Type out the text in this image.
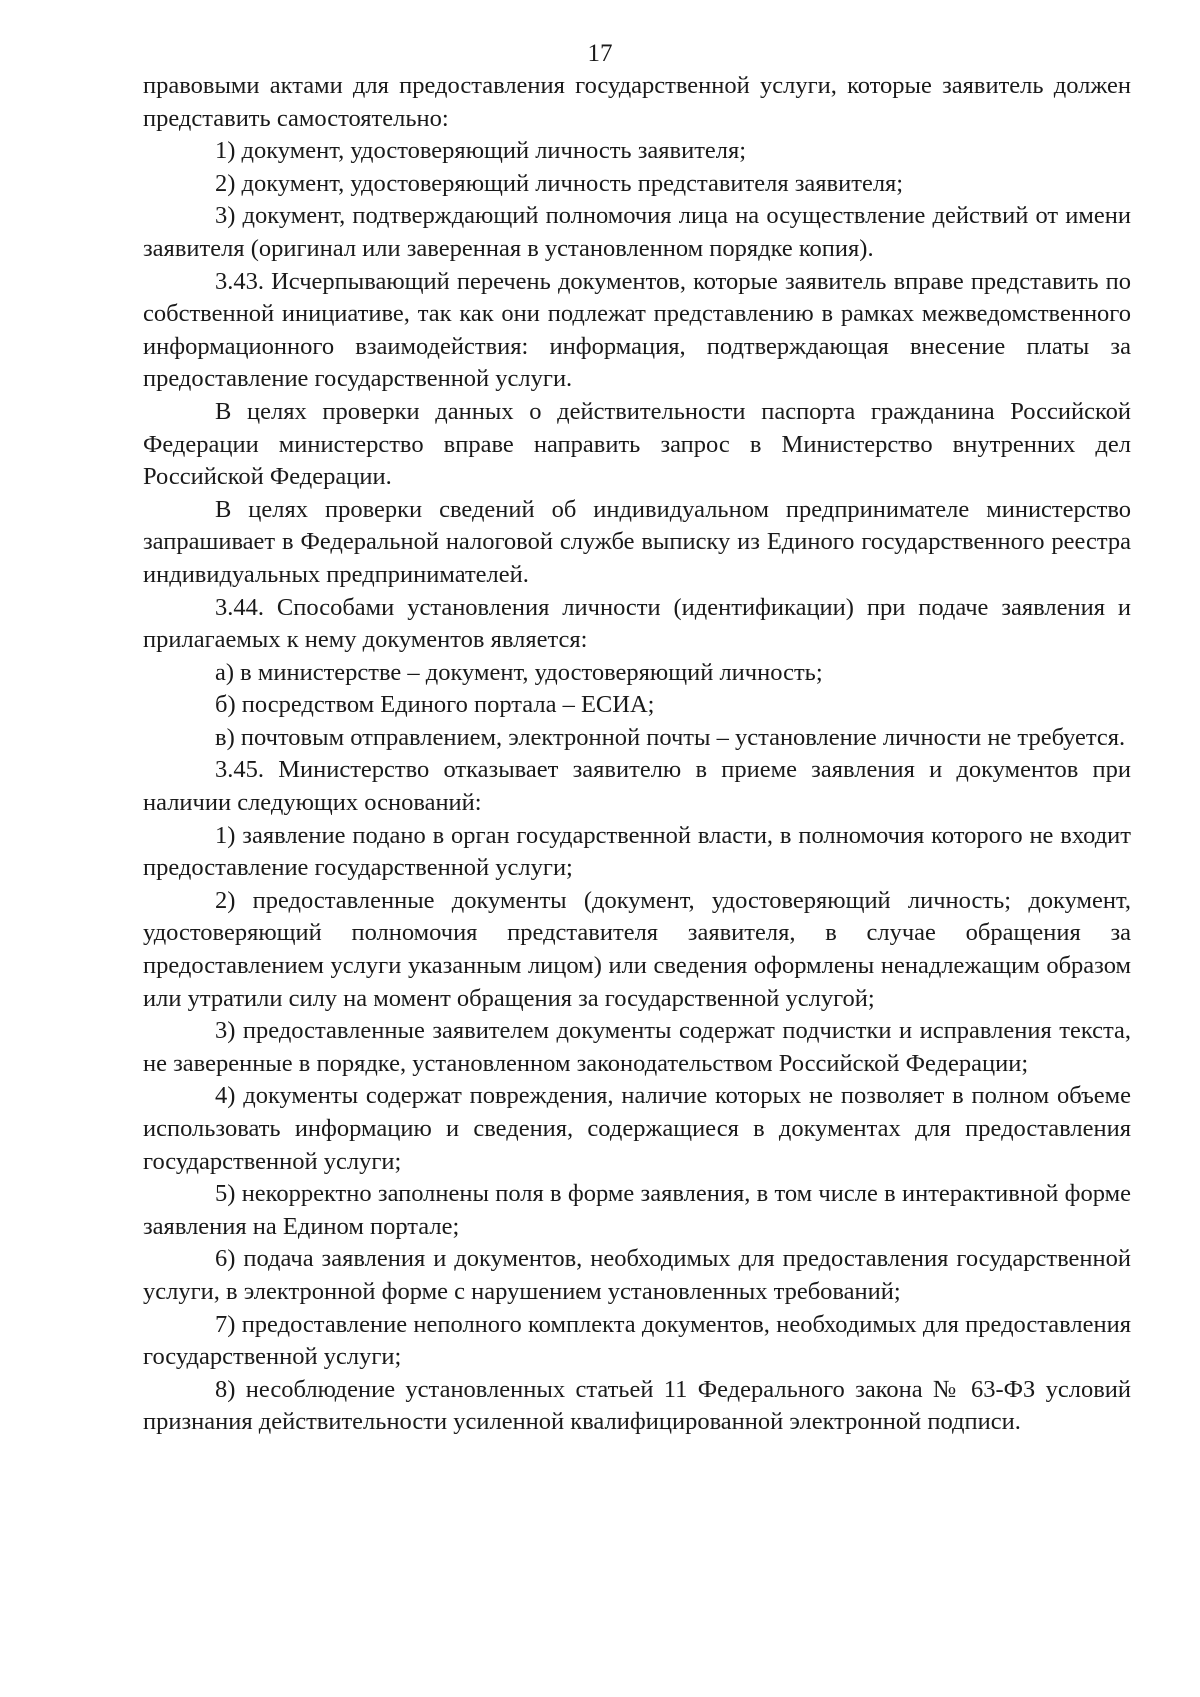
17

правовыми актами для предоставления государственной услуги, которые заявитель должен представить самостоятельно:

1) документ, удостоверяющий личность заявителя;

2) документ, удостоверяющий личность представителя заявителя;

3) документ, подтверждающий полномочия лица на осуществление действий от имени заявителя (оригинал или заверенная в установленном порядке копия).

3.43. Исчерпывающий перечень документов, которые заявитель вправе представить по собственной инициативе, так как они подлежат представлению в рамках межведомственного информационного взаимодействия: информация, подтверждающая внесение платы за предоставление государственной услуги.

В целях проверки данных о действительности паспорта гражданина Российской Федерации министерство вправе направить запрос в Министерство внутренних дел Российской Федерации.

В целях проверки сведений об индивидуальном предпринимателе министерство запрашивает в Федеральной налоговой службе выписку из Единого государственного реестра индивидуальных предпринимателей.

3.44. Способами установления личности (идентификации) при подаче заявления и прилагаемых к нему документов является:

а) в министерстве – документ, удостоверяющий личность;

б) посредством Единого портала – ЕСИА;

в) почтовым отправлением, электронной почты – установление личности не требуется.

3.45. Министерство отказывает заявителю в приеме заявления и документов при наличии следующих оснований:

1) заявление подано в орган государственной власти, в полномочия которого не входит предоставление государственной услуги;

2) предоставленные документы (документ, удостоверяющий личность; документ, удостоверяющий полномочия представителя заявителя, в случае обращения за предоставлением услуги указанным лицом) или сведения оформлены ненадлежащим образом или утратили силу на момент обращения за государственной услугой;

3) предоставленные заявителем документы содержат подчистки и исправления текста, не заверенные в порядке, установленном законодательством Российской Федерации;

4) документы содержат повреждения, наличие которых не позволяет в полном объеме использовать информацию и сведения, содержащиеся в документах для предоставления государственной услуги;

5) некорректно заполнены поля в форме заявления, в том числе в интерактивной форме заявления на Едином портале;

6) подача заявления и документов, необходимых для предоставления государственной услуги, в электронной форме с нарушением установленных требований;

7) предоставление неполного комплекта документов, необходимых для предоставления государственной услуги;

8) несоблюдение установленных статьей 11 Федерального закона № 63-ФЗ условий признания действительности усиленной квалифицированной электронной подписи.
